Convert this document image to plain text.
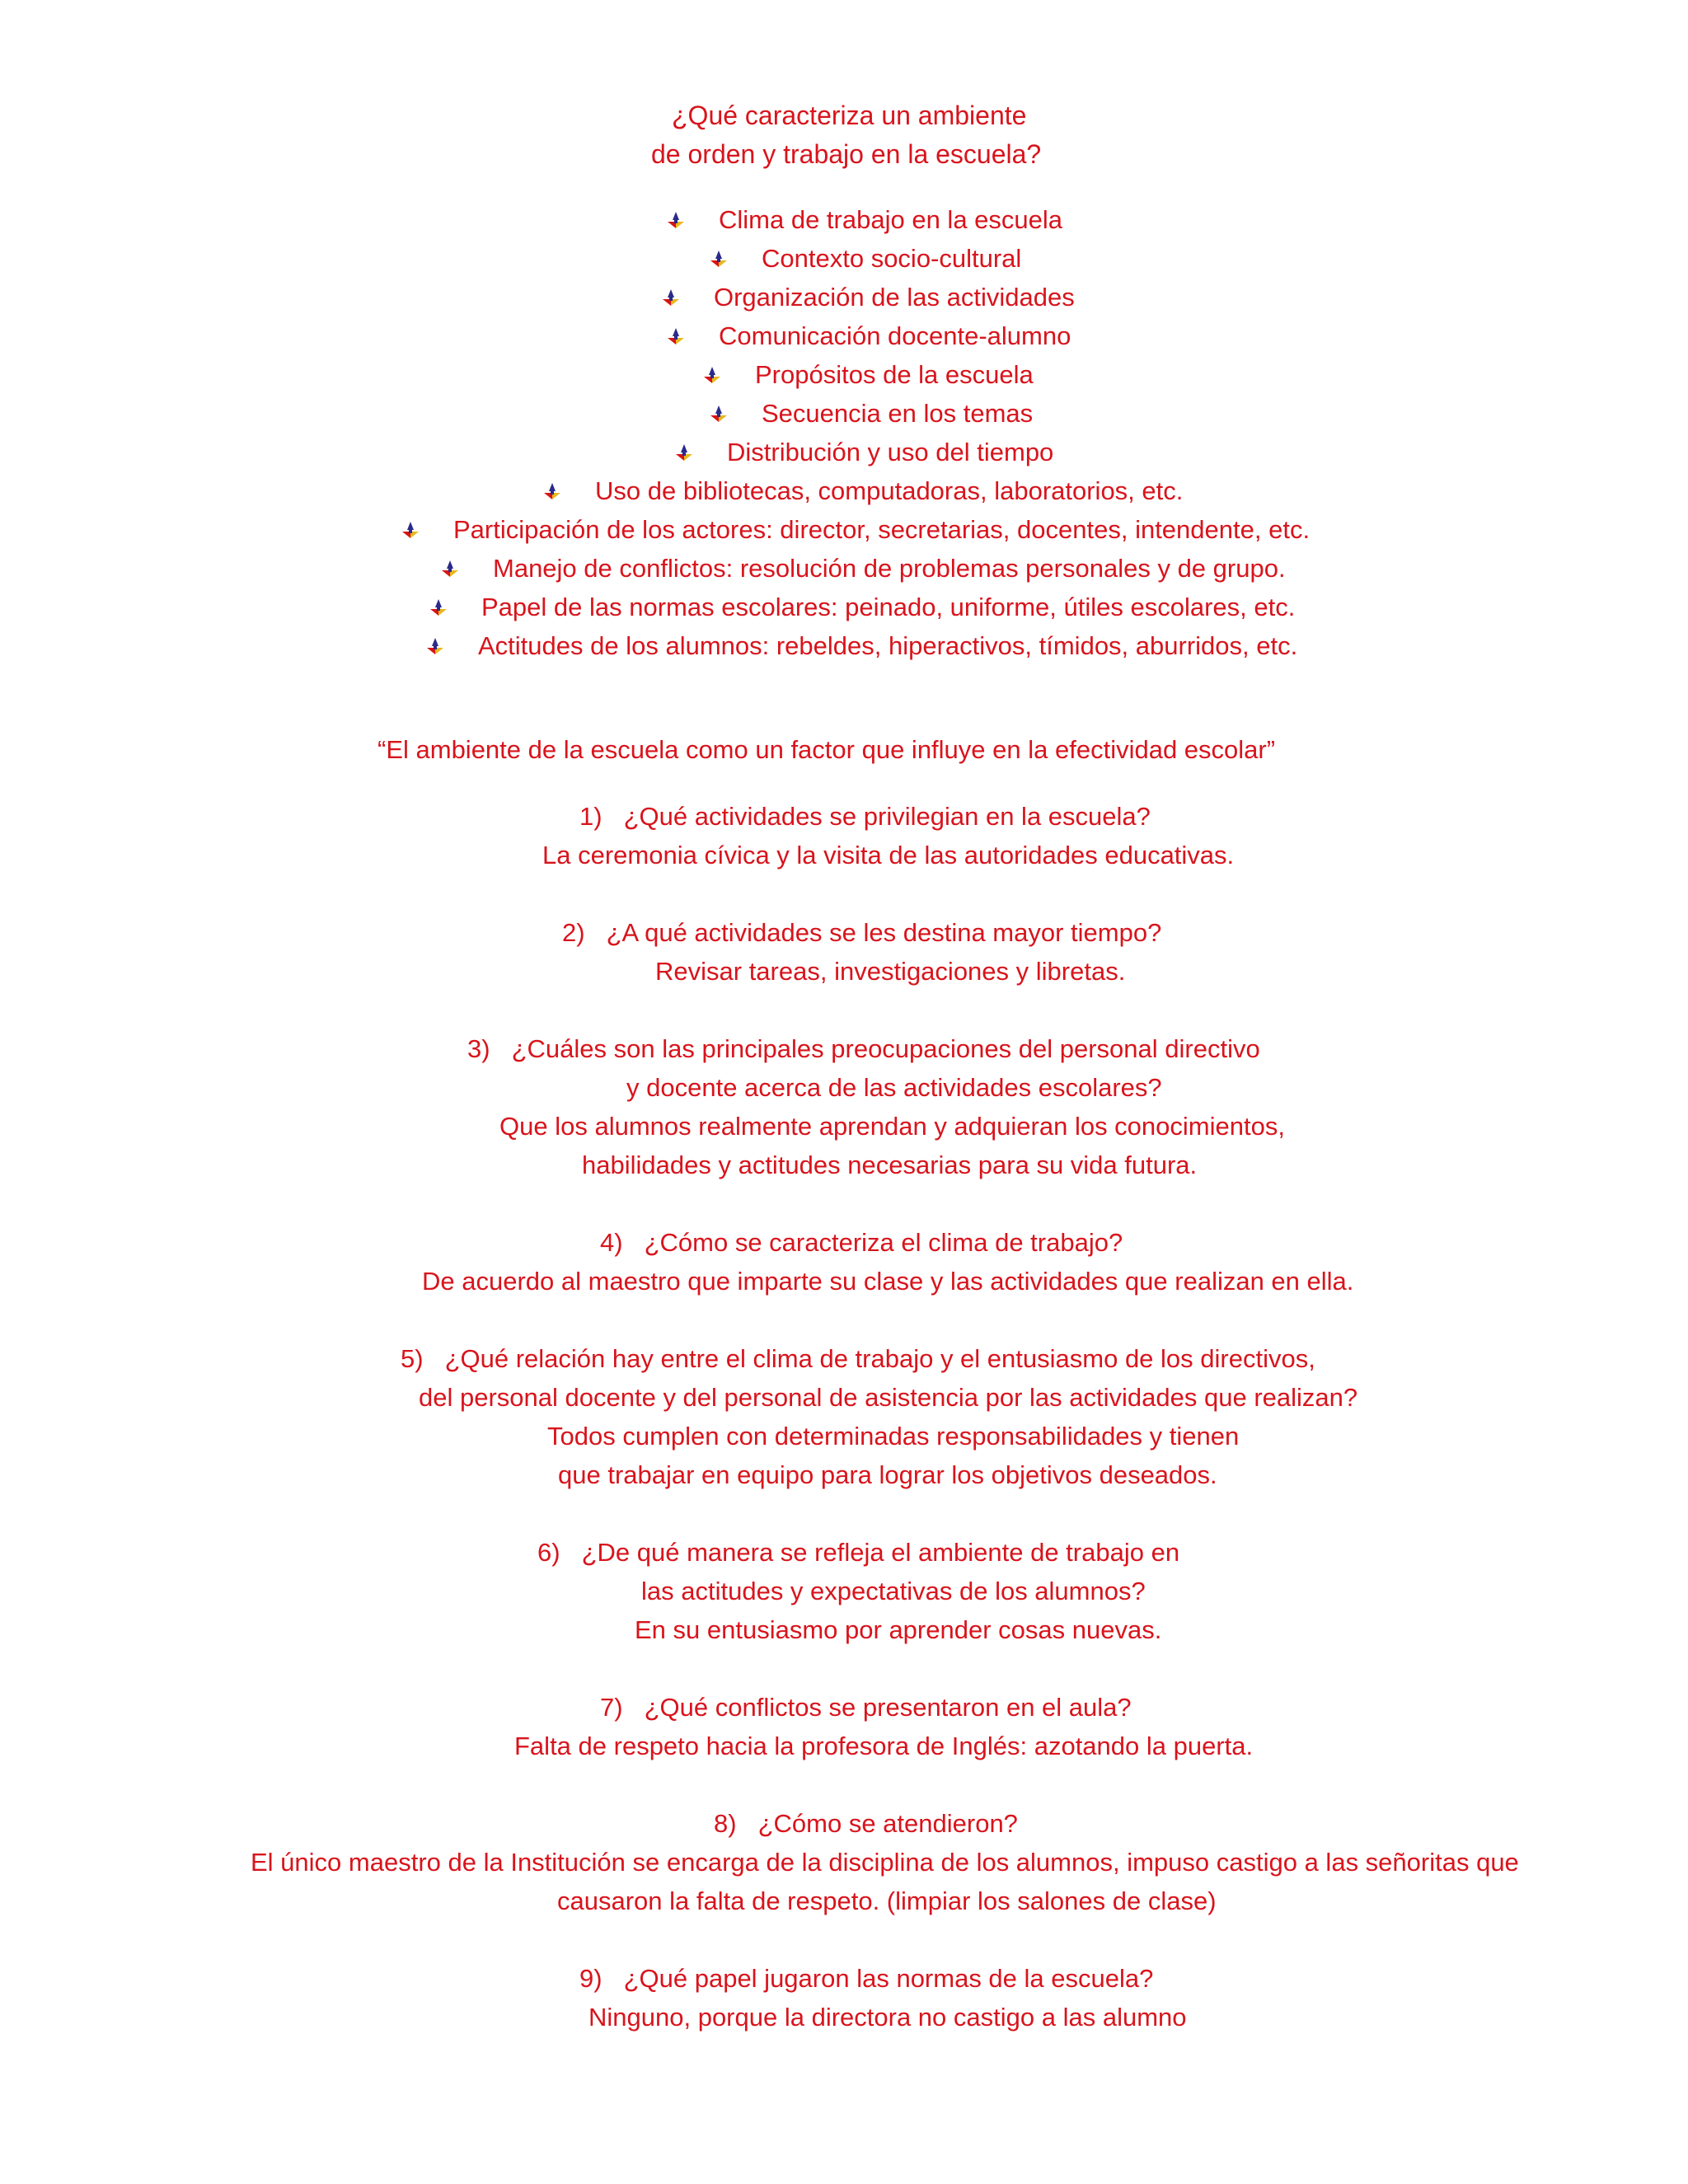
¿Qué caracteriza un ambiente
de orden y trabajo en la escuela?
Clima de trabajo en la escuela
Contexto socio-cultural
Organización de las actividades
Comunicación docente-alumno
Propósitos de la escuela
Secuencia en los temas
Distribución y uso del tiempo
Uso de bibliotecas, computadoras, laboratorios, etc.
Participación de los actores: director, secretarias, docentes, intendente, etc.
Manejo de conflictos: resolución de problemas personales y de grupo.
Papel de las normas escolares: peinado, uniforme, útiles escolares, etc.
Actitudes de los alumnos: rebeldes, hiperactivos, tímidos, aburridos, etc.
“El ambiente de la escuela como un factor que influye en la efectividad escolar”
1) ¿Qué actividades se privilegian en la escuela?
La ceremonia cívica y la visita de las autoridades educativas.
2) ¿A qué actividades se les destina mayor tiempo?
Revisar tareas, investigaciones y libretas.
3) ¿Cuáles son las principales preocupaciones del personal directivo
y docente acerca de las actividades escolares?
Que los alumnos realmente aprendan y adquieran los conocimientos,
habilidades y actitudes necesarias para su vida futura.
4) ¿Cómo se caracteriza el clima de trabajo?
De acuerdo al maestro que imparte su clase y las actividades que realizan en ella.
5) ¿Qué relación hay entre el clima de trabajo y el entusiasmo de los directivos,
del personal docente y del personal de asistencia por las actividades que realizan?
Todos cumplen con determinadas responsabilidades y tienen
que trabajar en equipo para lograr los objetivos deseados.
6) ¿De qué manera se refleja el ambiente de trabajo en
las actitudes y expectativas de los alumnos?
En su entusiasmo por aprender cosas nuevas.
7) ¿Qué conflictos se presentaron en el aula?
Falta de respeto hacia la profesora de Inglés: azotando la puerta.
8) ¿Cómo se atendieron?
El único maestro de la Institución se encarga de la disciplina de los alumnos, impuso castigo a las señoritas que
causaron la falta de respeto. (limpiar los salones de clase)
9) ¿Qué papel jugaron las normas de la escuela?
Ninguno, porque la directora no castigo a las alumno
